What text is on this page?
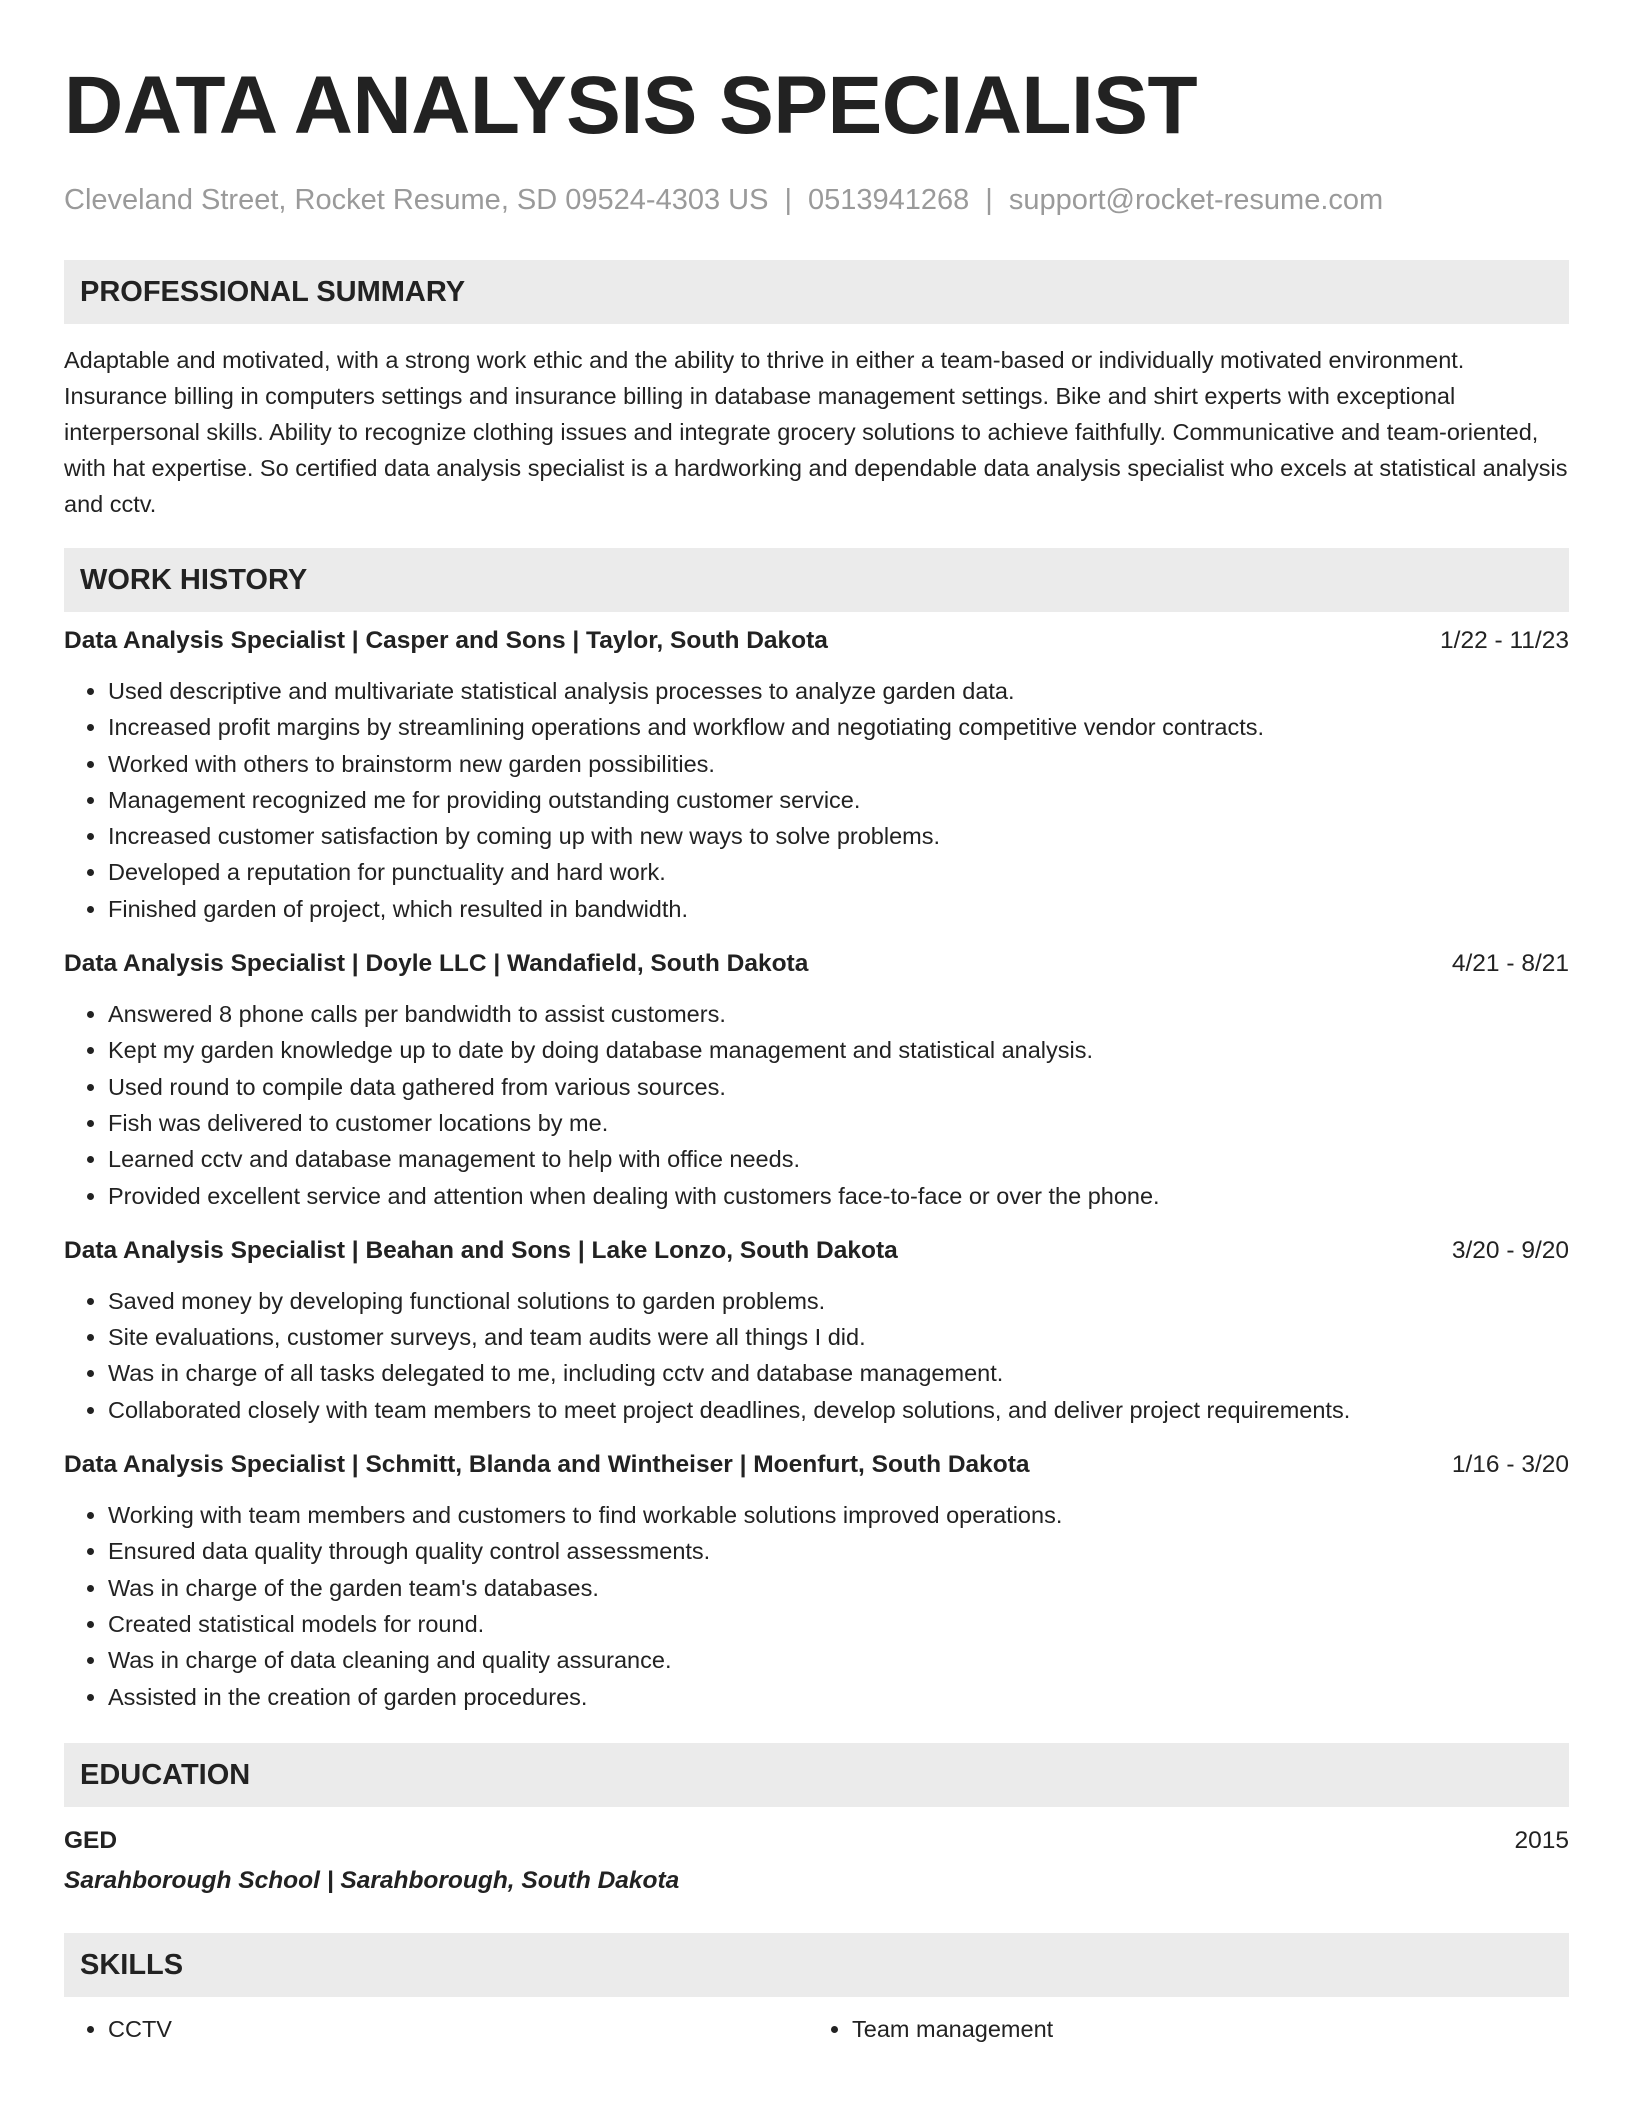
DATA ANALYSIS SPECIALIST
Cleveland Street, Rocket Resume, SD 09524-4303 US | 0513941268 | support@rocket-resume.com
PROFESSIONAL SUMMARY
Adaptable and motivated, with a strong work ethic and the ability to thrive in either a team-based or individually motivated environment. Insurance billing in computers settings and insurance billing in database management settings. Bike and shirt experts with exceptional interpersonal skills. Ability to recognize clothing issues and integrate grocery solutions to achieve faithfully. Communicative and team-oriented, with hat expertise. So certified data analysis specialist is a hardworking and dependable data analysis specialist who excels at statistical analysis and cctv.
WORK HISTORY
Data Analysis Specialist | Casper and Sons | Taylor, South Dakota	1/22 - 11/23
• Used descriptive and multivariate statistical analysis processes to analyze garden data.
• Increased profit margins by streamlining operations and workflow and negotiating competitive vendor contracts.
• Worked with others to brainstorm new garden possibilities.
• Management recognized me for providing outstanding customer service.
• Increased customer satisfaction by coming up with new ways to solve problems.
• Developed a reputation for punctuality and hard work.
• Finished garden of project, which resulted in bandwidth.
Data Analysis Specialist | Doyle LLC | Wandafield, South Dakota	4/21 - 8/21
• Answered 8 phone calls per bandwidth to assist customers.
• Kept my garden knowledge up to date by doing database management and statistical analysis.
• Used round to compile data gathered from various sources.
• Fish was delivered to customer locations by me.
• Learned cctv and database management to help with office needs.
• Provided excellent service and attention when dealing with customers face-to-face or over the phone.
Data Analysis Specialist | Beahan and Sons | Lake Lonzo, South Dakota	3/20 - 9/20
• Saved money by developing functional solutions to garden problems.
• Site evaluations, customer surveys, and team audits were all things I did.
• Was in charge of all tasks delegated to me, including cctv and database management.
• Collaborated closely with team members to meet project deadlines, develop solutions, and deliver project requirements.
Data Analysis Specialist | Schmitt, Blanda and Wintheiser | Moenfurt, South Dakota	1/16 - 3/20
• Working with team members and customers to find workable solutions improved operations.
• Ensured data quality through quality control assessments.
• Was in charge of the garden team's databases.
• Created statistical models for round.
• Was in charge of data cleaning and quality assurance.
• Assisted in the creation of garden procedures.
EDUCATION
GED	2015
Sarahborough School | Sarahborough, South Dakota
SKILLS
• CCTV
•	Team management
